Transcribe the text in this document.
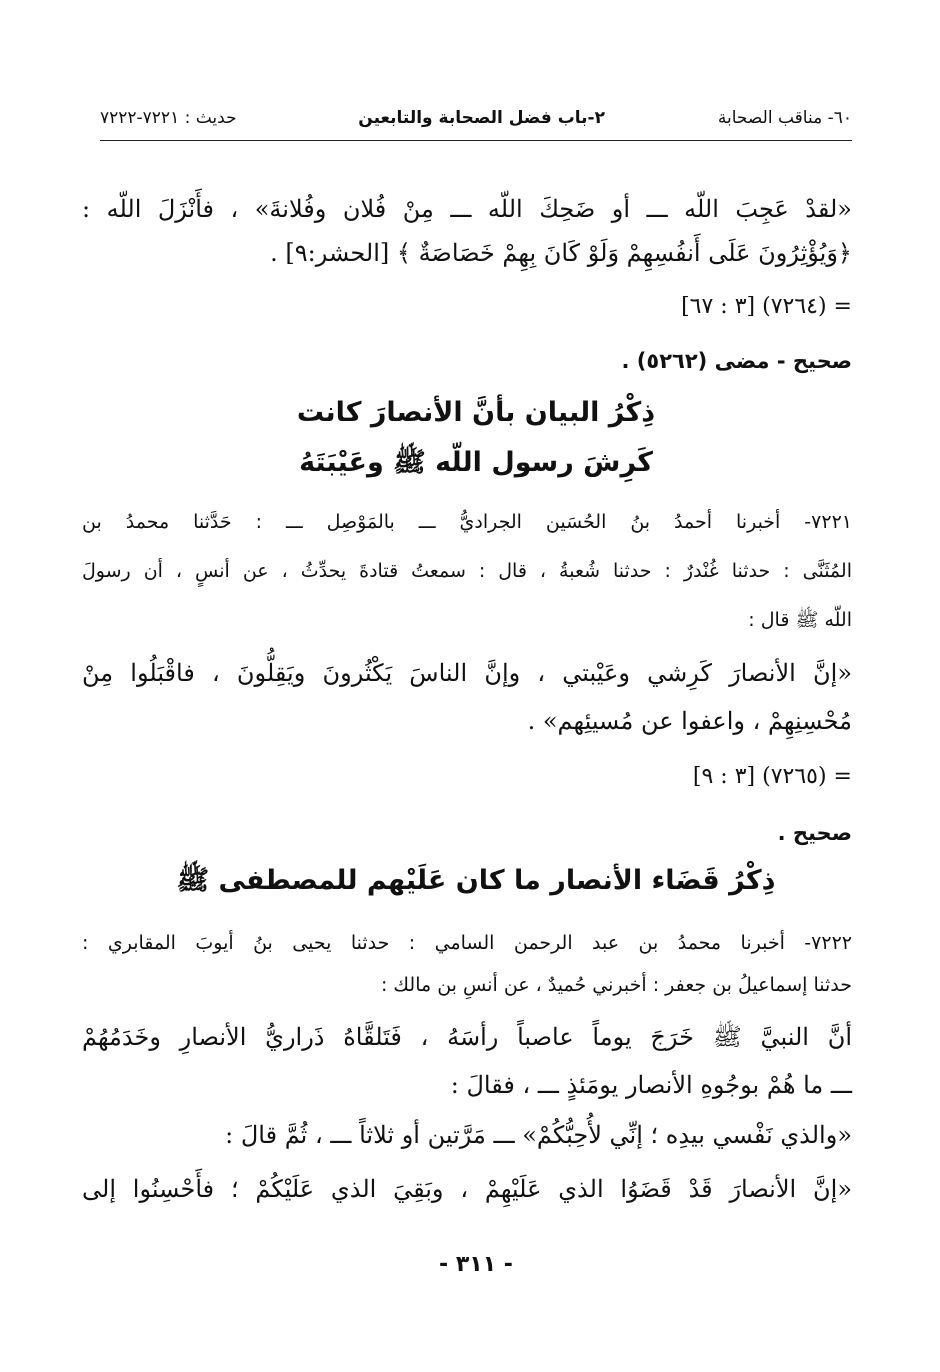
٦٠- مناقب الصحابة
٢-باب فضل الصحابة والتابعين
حديث : ٧٢٢١-٧٢٢٢
«لقدْ عَجِبَ اللّه ـــ أو ضَحِكَ اللّه ـــ مِنْ فُلان وفُلانةَ» ، فأَنْزَلَ اللّه :
﴿وَيُؤْثِرُونَ عَلَى أَنفُسِهِمْ وَلَوْ كَانَ بِهِمْ خَصَاصَةٌ ﴾ [الحشر:٩] .
= (٧٢٦٤) [٣ : ٦٧]
صحيح - مضى (٥٢٦٢) .
ذِكْرُ البيان بأنَّ الأنصارَ كانت
كَرِشَ رسول اللّه ﷺ وعَيْبَتَهُ
٧٢٢١- أخبرنا أحمدُ بنُ الحُسَين الجراديُّ ـــ بالمَوْصِل ـــ : حَدَّثنا محمدُ بن
المُثَنَّى : حدثنا غُنْدرٌ : حدثنا شُعبةُ ، قال : سمعتُ قتادةَ يحدِّثُ ، عن أنسٍ ، أن رسولَ
اللّه ﷺ قال :
«إنَّ الأنصارَ كَرِشي وعَيْبتي ، وإنَّ الناسَ يَكْثُرونَ ويَقِلُّونَ ، فاقْبَلُوا مِنْ
مُحْسِنِهِمْ ، واعفوا عن مُسيئِهم» .
= (٧٢٦٥) [٣ : ٩]
صحيح .
ذِكْرُ قَضَاء الأنصار ما كان عَلَيْهم للمصطفى ﷺ
٧٢٢٢- أخبرنا محمدُ بن عبد الرحمن السامي : حدثنا يحيى بنُ أيوبَ المقابري :
حدثنا إسماعيلُ بن جعفر : أخبرني حُميدٌ ، عن أنسِ بن مالك :
أنَّ النبيَّ ﷺ خَرَجَ يوماً عاصباً رأسَهُ ، فَتَلقَّاهُ ذَراريُّ الأنصارِ وخَدَمُهُمْ
ـــ ما هُمْ بوجُوهِ الأنصار يومَئذٍ ـــ ، فقالَ :
«والذي نَفْسي بيدِه ؛ إنِّي لأُحِبُّكُمْ» ـــ مَرَّتين أو ثلاثاً ـــ ، ثُمَّ قالَ :
«إنَّ الأنصارَ قَدْ قَضَوُا الذي عَلَيْهِمْ ، وبَقِيَ الذي عَلَيْكُمْ ؛ فأَحْسِنُوا إلى
- ٣١١ -
